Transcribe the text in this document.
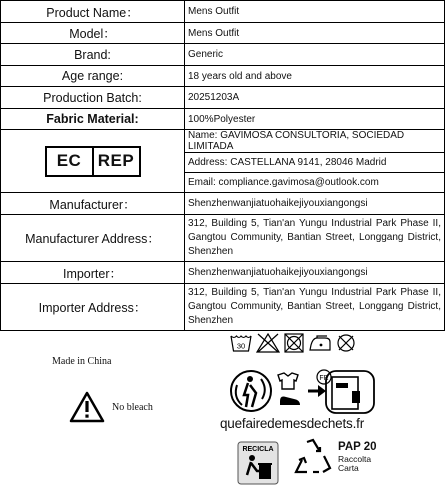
Product Name：	Mens Outfit
Model：	Mens Outfit
Brand:	Generic
Age range:	18 years old and above
Production Batch:	20251203A
Fabric Material:	100%Polyester

EC REP	Name: GAVIMOSA CONSULTORIA, SOCIEDAD LIMITADA
	Address: CASTELLANA 9141, 28046 Madrid
	Email: compliance.gavimosa@outlook.com
Manufacturer：	Shenzhenwanjiatuohaikejiyouxiangongsi
Manufacturer Address：	312, Building 5, Tian'an Yungu Industrial Park Phase II, Gangtou Community, Bantian Street, Longgang District, Shenzhen
Importer：	Shenzhenwanjiatuohaikejiyouxiangongsi
Importer Address：	312, Building 5, Tian'an Yungu Industrial Park Phase II, Gangtou Community, Bantian Street, Longgang District, Shenzhen
Made in China
No bleach
30
FR
quefairedemesdechets.fr
RECICLA	PAP 20
Raccolta
Carta
